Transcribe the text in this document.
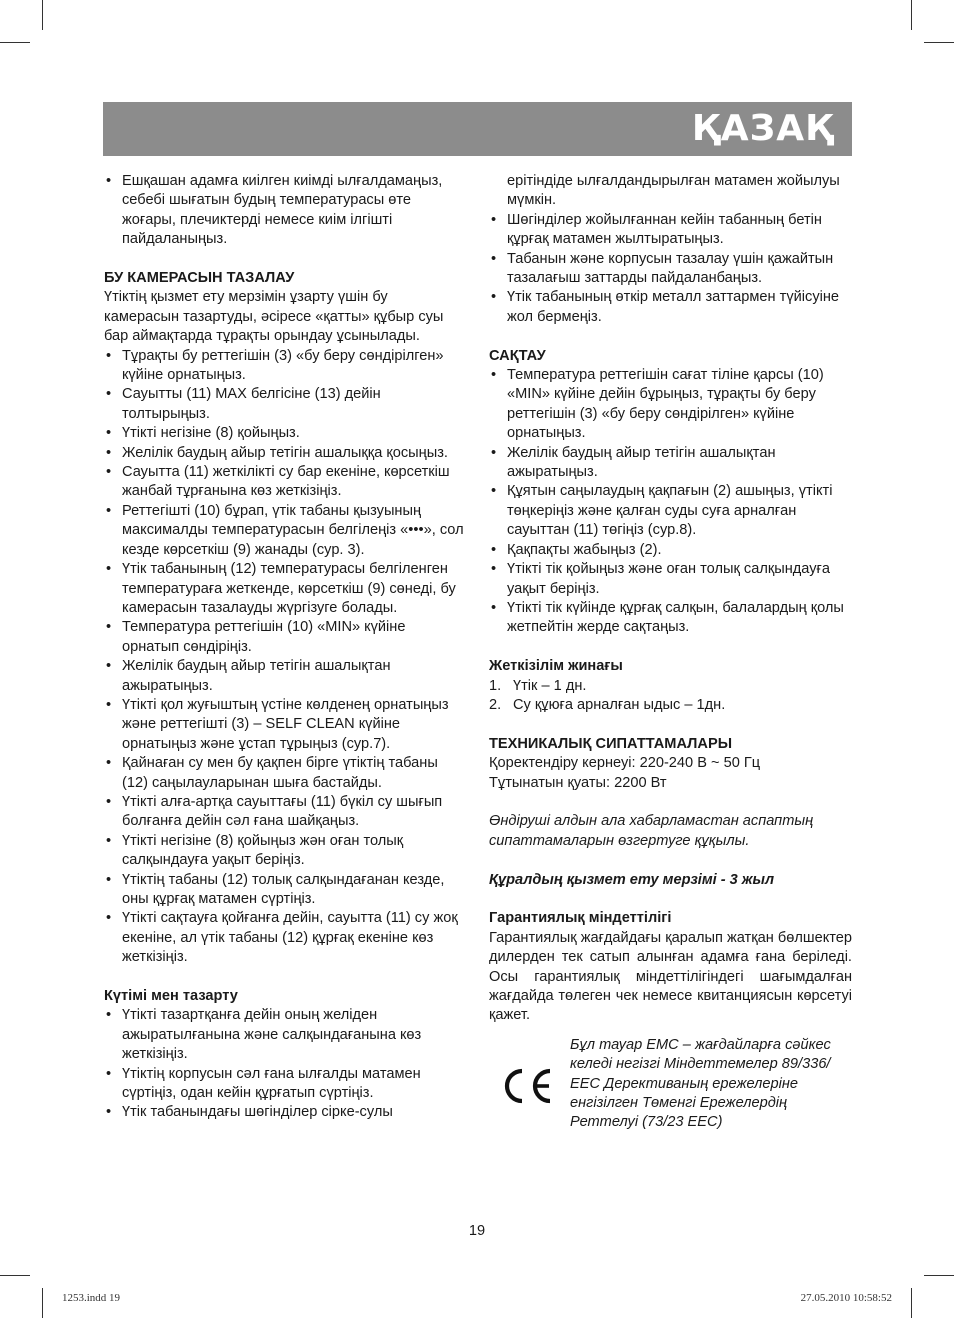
ҚАЗАҚ
• Ешқашан адамға киілген киімді ылғалдамаңыз, себебі шығатын будың температурасы өте жоғары, плечиктерді немесе киім ілгішті пайдаланыңыз.
БУ КАМЕРАСЫН ТАЗАЛАУ

Үтіктің қызмет ету мерзімін ұзарту үшін бу камерасын тазартуды, әсіресе «қатты» құбыр суы бар аймақтарда тұрақты орындау ұсынылады.

• Тұрақты бу реттегішін (3) «бу беру сөндірілген» күйіне орнатыңыз.
• Сауытты (11) MAX белгісіне (13) дейін толтырыңыз.
• Үтікті негізіне (8) қойыңыз.
• Желілік баудың айыр тетігін ашалыққа қосыңыз.
• Сауытта (11) жеткілікті су бар екеніне, көрсеткіш жанбай тұрғанына көз жеткізіңіз.
• Реттегішті (10) бұрап, үтік табаны қызуының максималды температурасын белгілеңіз «•••», сол кезде көрсеткіш (9) жанады (сур. 3).
• Үтік табанының (12) температурасы белгіленген температураға жеткенде, көрсеткіш (9) сөнеді, бу камерасын тазалауды жүргізуге болады.
• Температура реттегішін (10) «MIN» күйіне орнатып сөндіріңіз.
• Желілік баудың айыр тетігін ашалықтан ажыратыңыз.
• Үтікті қол жуғыштың үстіне көлденең орнатыңыз және реттегішті (3) – SELF CLEAN күйіне орнатыңыз және ұстап тұрыңыз (сур.7).
• Қайнаған су мен бу қақпен бірге үтіктің табаны (12) саңылауларынан шыға бастайды.
• Үтікті алға-артқа сауыттағы (11) бүкіл су шығып болғанға дейін сәл ғана шайқаңыз.
• Үтікті негізіне (8) қойыңыз жән оған толық салқындауға уақыт беріңіз.
• Үтіктің табаны (12) толық салқындағанан кезде, оны құрғақ матамен сүртіңіз.
• Үтікті сақтауға қойғанға дейін, сауытта (11) су жоқ екеніне, ал үтік табаны (12) құрғақ екеніне көз жеткізіңіз.
Күтімі мен тазарту
• Үтікті тазартқанға дейін оның желіден ажыратылғанына және салқындағанына көз жеткізіңіз.
• Үтіктің корпусын сәл ғана ылғалды матамен сүртіңіз, одан кейін құрғатып сүртіңіз.
• Үтік табанындағы шөгінділер сірке-сулы

ерітіндіде ылғалдандырылған матамен жойылуы мүмкін.

• Шөгінділер жойылғаннан кейін табанның бетін құрғақ матамен жылтыратыңыз.
• Табанын және корпусын тазалау үшін қажайтын тазалағыш заттарды пайдаланбаңыз.
• Үтік табанының өткір металл заттармен түйісуіне жол бермеңіз.
САҚТАУ
• Температура реттегішін сағат тіліне қарсы (10) «MIN» күйіне дейін бұрыңыз, тұрақты бу беру реттегішін (3) «бу беру сөндірілген» күйіне орнатыңыз.
• Желілік баудың айыр тетігін ашалықтан ажыратыңыз.
• Құятын саңылаудың қақпағын (2) ашыңыз, үтікті төңкеріңіз және қалған суды суға арналған сауыттан (11) төгіңіз (сур.8).
• Қақпақты жабыңыз (2).
• Үтікті тік қойыңыз және оған толық салқындауға уақыт беріңіз.
• Үтікті тік күйінде құрғақ салқын, балалардың қолы жетпейтін жерде сақтаңыз.
Жеткізілім жинағы
1. Үтік – 1 дн.
2. Су құюға арналған ыдыс – 1дн.
ТЕХНИКАЛЫҚ СИПАТТАМАЛАРЫ

Қоректендіру кернеуі: 220-240 В ~ 50 Гц

Тұтынатын қуаты: 2200 Вт

Өндіруші алдын ала хабарламастан аспаптың сипаттамаларын өзгертуге құқылы.

Құралдың қызмет ету мерзімі - 3 жыл

Гарантиялық міндеттілігі

Гарантиялық жағдайдағы қаралып жатқан бөлшектер дилерден тек сатып алынған адамға ғана беріледі. Осы гарантиялық міндеттілігіндегі шағымдалған жағдайда төлеген чек немесе квитанциясын көрсетуі қажет.

Бұл тауар ЕМС – жағдайларға сәйкес келеді негізгі Міндеттемелер 89/336/ЕЕС Дерективаның ережелеріне енгізілген Төменгі Ережелердің Реттелуі (73/23 ЕЕС)

19
1253.indd 19	27.05.2010 10:58:52
